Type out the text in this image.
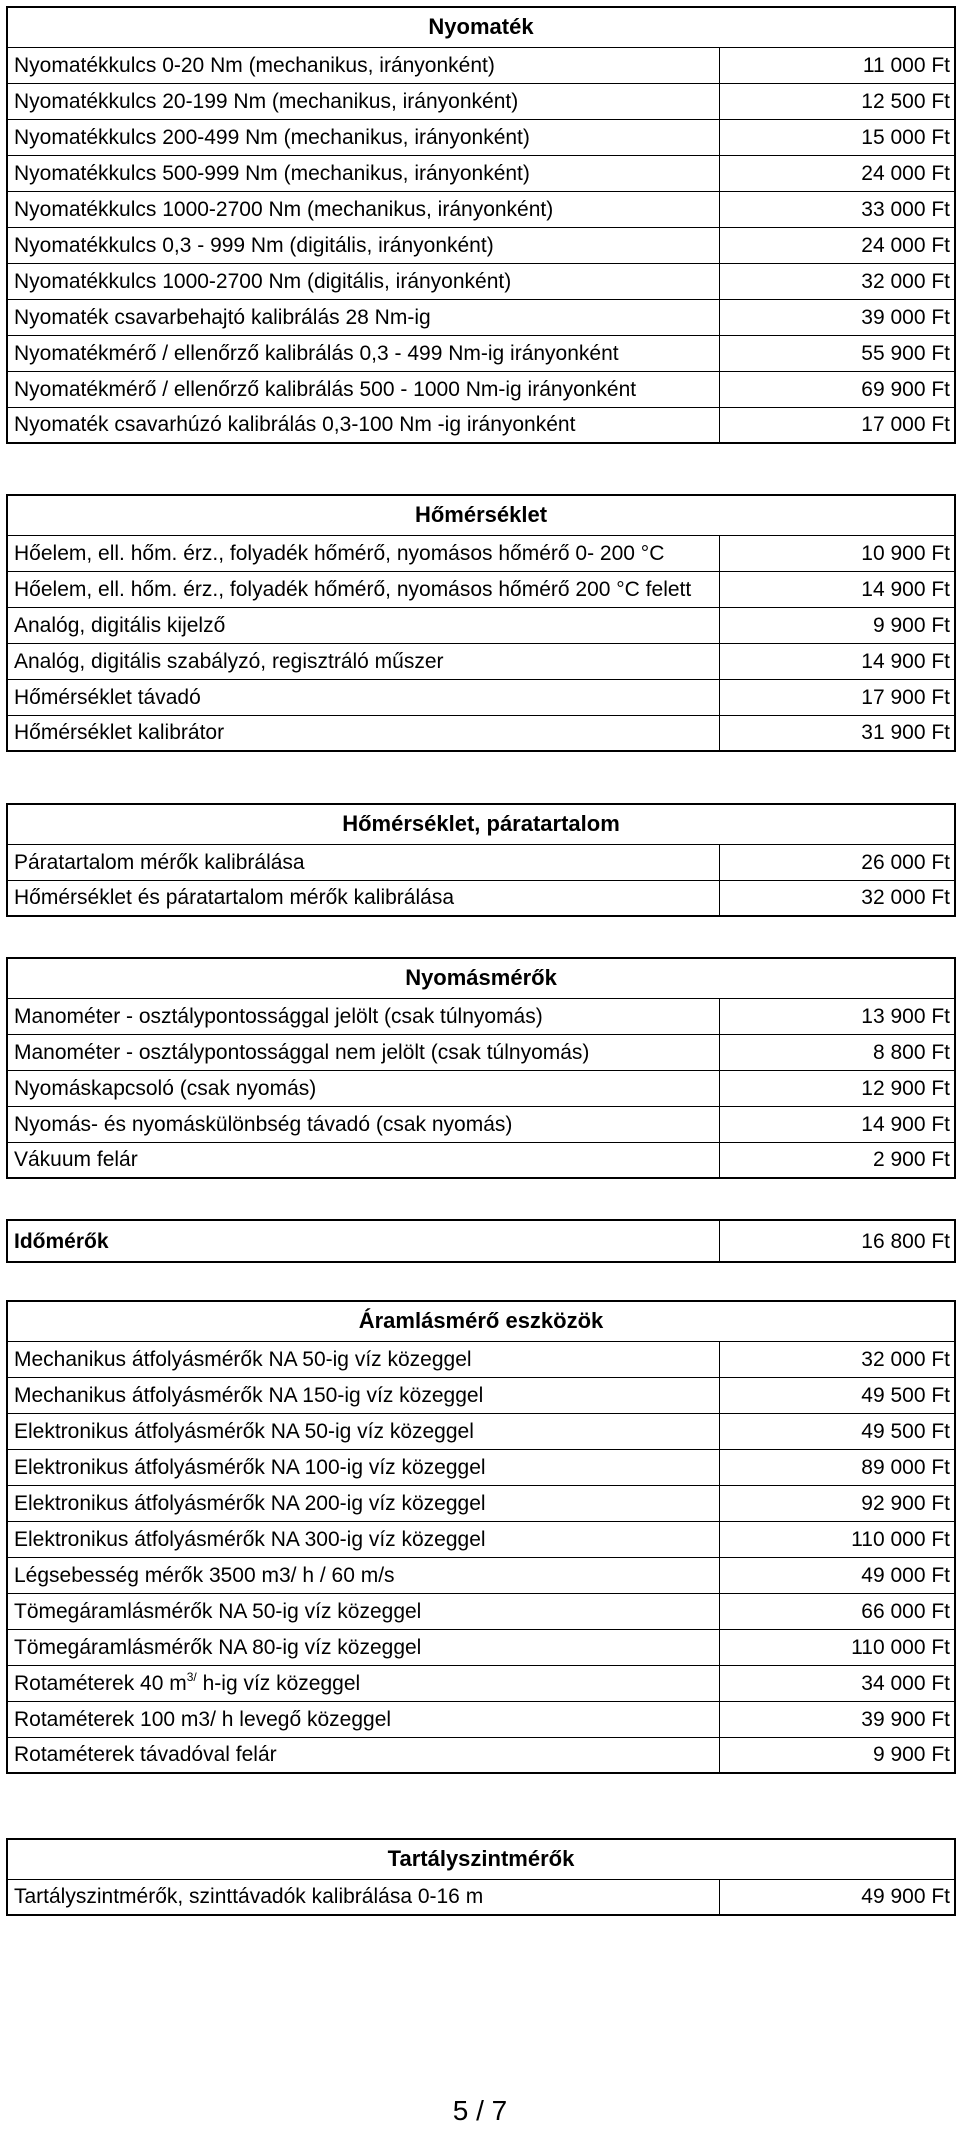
Nyomaték	
Nyomatékkulcs 0-20 Nm (mechanikus, irányonként)	11 000 Ft
Nyomatékkulcs 20-199 Nm (mechanikus, irányonként)	12 500 Ft
Nyomatékkulcs 200-499 Nm (mechanikus, irányonként)	15 000 Ft
Nyomatékkulcs 500-999 Nm (mechanikus, irányonként)	24 000 Ft
Nyomatékkulcs 1000-2700 Nm (mechanikus, irányonként)	33 000 Ft
Nyomatékkulcs 0,3 - 999 Nm (digitális, irányonként)	24 000 Ft
Nyomatékkulcs 1000-2700 Nm (digitális, irányonként)	32 000 Ft
Nyomaték csavarbehajtó kalibrálás 28 Nm-ig	39 000 Ft
Nyomatékmérő / ellenőrző kalibrálás 0,3 - 499 Nm-ig irányonként	55 900 Ft
Nyomatékmérő / ellenőrző kalibrálás 500 - 1000 Nm-ig irányonként	69 900 Ft
Nyomaték csavarhúzó kalibrálás 0,3-100 Nm -ig irányonként	17 000 Ft
Hőmérséklet	
Hőelem, ell. hőm. érz., folyadék hőmérő, nyomásos hőmérő 0- 200 °C	10 900 Ft
Hőelem, ell. hőm. érz., folyadék hőmérő, nyomásos hőmérő 200 °C felett	14 900 Ft
Analóg, digitális kijelző	9 900 Ft
Analóg, digitális szabályzó, regisztráló műszer	14 900 Ft
Hőmérséklet távadó	17 900 Ft
Hőmérséklet kalibrátor	31 900 Ft
Hőmérséklet, páratartalom	
Páratartalom mérők kalibrálása	26 000 Ft
Hőmérséklet és páratartalom mérők kalibrálása	32 000 Ft
Nyomásmérők	
Manométer - osztálypontossággal jelölt (csak túlnyomás)	13 900 Ft
Manométer - osztálypontossággal nem jelölt (csak túlnyomás)	8 800 Ft
Nyomáskapcsoló (csak nyomás)	12 900 Ft
Nyomás- és nyomáskülönbség távadó (csak nyomás)	14 900 Ft
Vákuum felár	2 900 Ft
Időmérők	16 800 Ft
Áramlásmérő eszközök	
Mechanikus átfolyásmérők NA 50-ig víz közeggel	32 000 Ft
Mechanikus átfolyásmérők NA 150-ig víz közeggel	49 500 Ft
Elektronikus átfolyásmérők NA 50-ig víz közeggel	49 500 Ft
Elektronikus átfolyásmérők NA 100-ig víz közeggel	89 000 Ft
Elektronikus átfolyásmérők NA 200-ig víz közeggel	92 900 Ft
Elektronikus átfolyásmérők NA 300-ig víz közeggel	110 000 Ft
Légsebesség mérők 3500 m3/ h / 60 m/s	49 000 Ft
Tömegáramlásmérők NA 50-ig víz közeggel	66 000 Ft
Tömegáramlásmérők NA 80-ig víz közeggel	110 000 Ft
Rotaméterek 40 $m^{3/}$ h-ig víz közeggel	34 000 Ft
Rotaméterek 100 m3/ h levegő közeggel	39 900 Ft
Rotaméterek távadóval felár	9 900 Ft
Tartályszintmérők
Tartályszintmérők, szinttávadók kalibrálása 0-16 m	49 900 Ft
5 / 7
